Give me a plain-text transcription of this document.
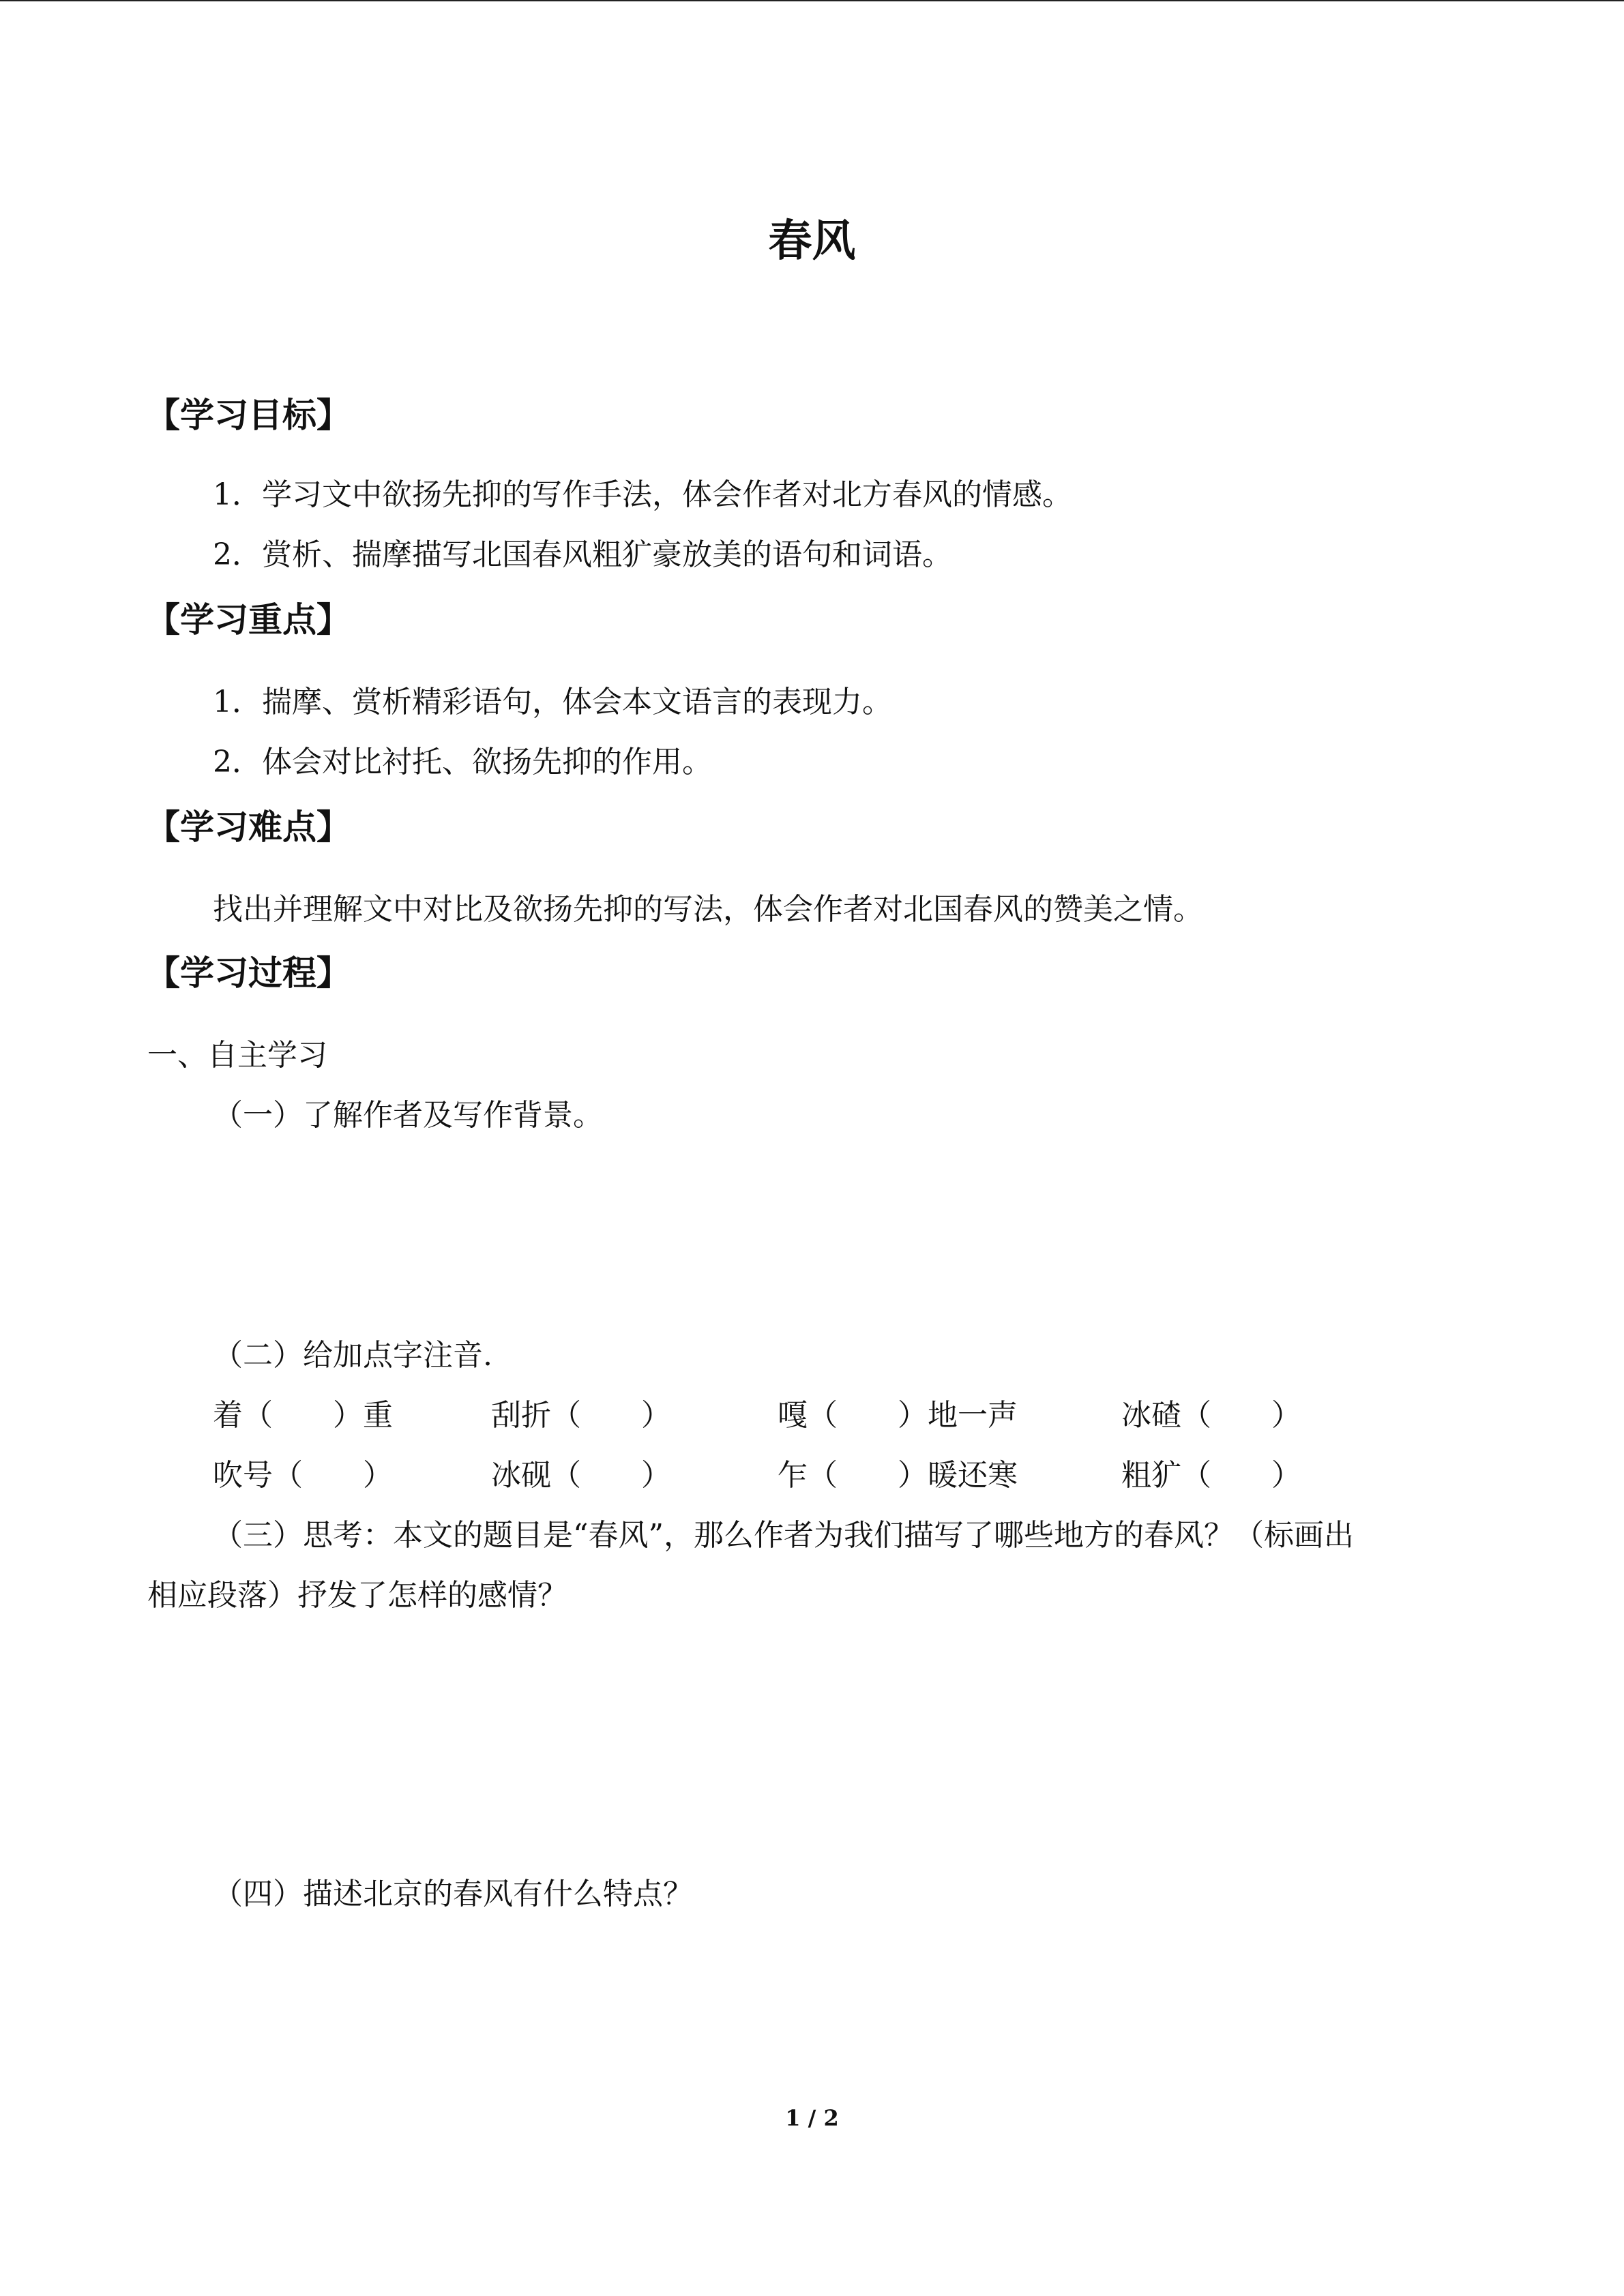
春风
【学习目标】
1．学习文中欲扬先抑的写作手法，体会作者对北方春风的情感。
2．赏析、揣摩描写北国春风粗犷豪放美的语句和词语。
【学习重点】
1．揣摩、赏析精彩语句，体会本文语言的表现力。
2．体会对比衬托、欲扬先抑的作用。
【学习难点】
找出并理解文中对比及欲扬先抑的写法，体会作者对北国春风的赞美之情。
【学习过程】
一、自主学习
（一）了解作者及写作背景。
（二）给加点字注音.
着（　　）重	刮折（　　）	嘎（　　）地一声	冰碴（　　）
吹号（　　）	冰砚（　　）	乍（　　）暖还寒	粗犷（　　）
（三）思考：本文的题目是“春风”，那么作者为我们描写了哪些地方的春风？（标画出
相应段落）抒发了怎样的感情？
（四）描述北京的春风有什么特点？
1 / 2
